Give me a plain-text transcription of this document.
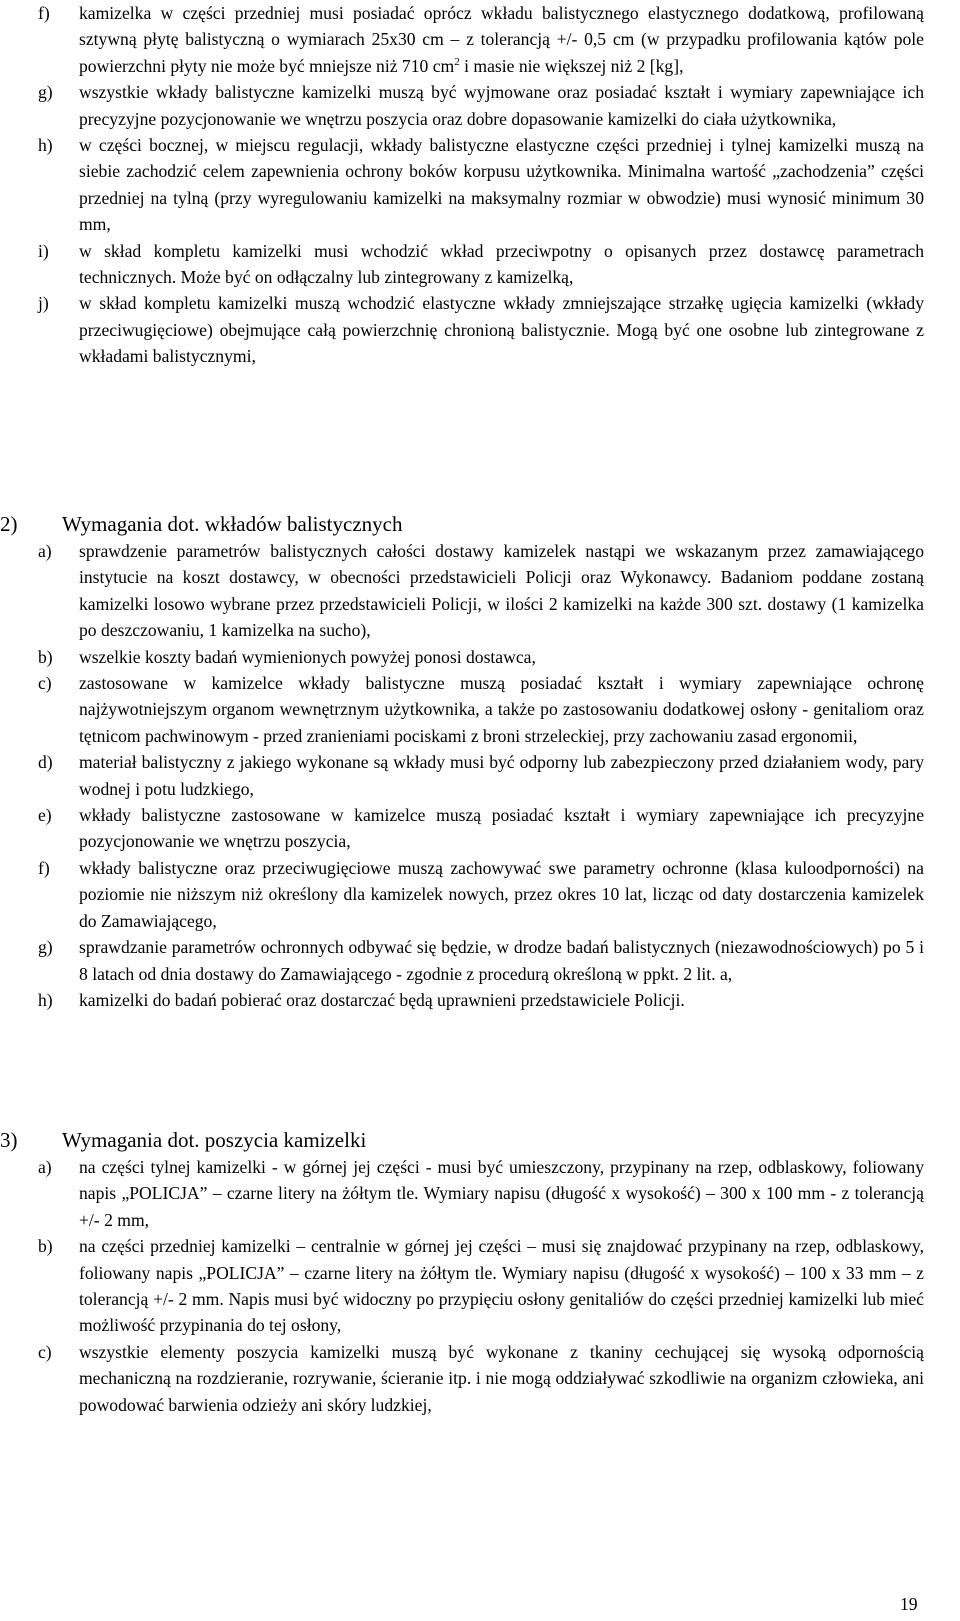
f) kamizelka w części przedniej musi posiadać oprócz wkładu balistycznego elastycznego dodatkową, profilowaną sztywną płytę balistyczną o wymiarach 25x30 cm – z tolerancją +/- 0,5 cm (w przypadku profilowania kątów pole powierzchni płyty nie może być mniejsze niż 710 $cm^2$ i masie nie większej niż 2 [kg],
g) wszystkie wkłady balistyczne kamizelki muszą być wyjmowane oraz posiadać kształt i wymiary zapewniające ich precyzyjne pozycjonowanie we wnętrzu poszycia oraz dobre dopasowanie kamizelki do ciała użytkownika,
h) w części bocznej, w miejscu regulacji, wkłady balistyczne elastyczne części przedniej i tylnej kamizelki muszą na siebie zachodzić celem zapewnienia ochrony boków korpusu użytkownika. Minimalna wartość „zachodzenia” części przedniej na tylną (przy wyregulowaniu kamizelki na maksymalny rozmiar w obwodzie) musi wynosić minimum 30 mm,
i) w skład kompletu kamizelki musi wchodzić wkład przeciwpotny o opisanych przez dostawcę parametrach technicznych. Może być on odłączalny lub zintegrowany z kamizelką,
j) w skład kompletu kamizelki muszą wchodzić elastyczne wkłady zmniejszające strzałkę ugięcia kamizelki (wkłady przeciwugięciowe) obejmujące całą powierzchnię chronioną balistycznie. Mogą być one osobne lub zintegrowane z wkładami balistycznymi,
2) Wymagania dot. wkładów balistycznych
a) sprawdzenie parametrów balistycznych całości dostawy kamizelek nastąpi we wskazanym przez zamawiającego instytucie na koszt dostawcy, w obecności przedstawicieli Policji oraz Wykonawcy. Badaniom poddane zostaną kamizelki losowo wybrane przez przedstawicieli Policji, w ilości 2 kamizelki na każde 300 szt. dostawy (1 kamizelka po deszczowaniu, 1 kamizelka na sucho),
b) wszelkie koszty badań wymienionych powyżej ponosi dostawca,
c) zastosowane w kamizelce wkłady balistyczne muszą posiadać kształt i wymiary zapewniające ochronę najżywotniejszym organom wewnętrznym użytkownika, a także po zastosowaniu dodatkowej osłony - genitaliom oraz tętnicom pachwinowym - przed zranieniami pociskami z broni strzeleckiej, przy zachowaniu zasad ergonomii,
d) materiał balistyczny z jakiego wykonane są wkłady musi być odporny lub zabezpieczony przed działaniem wody, pary wodnej i potu ludzkiego,
e) wkłady balistyczne zastosowane w kamizelce muszą posiadać kształt i wymiary zapewniające ich precyzyjne pozycjonowanie we wnętrzu poszycia,
f) wkłady balistyczne oraz przeciwugięciowe muszą zachowywać swe parametry ochronne (klasa kuloodporności) na poziomie nie niższym niż określony dla kamizelek nowych, przez okres 10 lat, licząc od daty dostarczenia kamizelek do Zamawiającego,
g) sprawdzanie parametrów ochronnych odbywać się będzie, w drodze badań balistycznych (niezawodnościowych) po 5 i 8 latach od dnia dostawy do Zamawiającego - zgodnie z procedurą określoną w ppkt. 2 lit. a,
h) kamizelki do badań pobierać oraz dostarczać będą uprawnieni przedstawiciele Policji.
3) Wymagania dot. poszycia kamizelki
a) na części tylnej kamizelki - w górnej jej części - musi być umieszczony, przypinany na rzep, odblaskowy, foliowany napis „POLICJA” – czarne litery na żółtym tle. Wymiary napisu (długość x wysokość) – 300 x 100 mm - z tolerancją +/- 2 mm,
b) na części przedniej kamizelki – centralnie w górnej jej części – musi się znajdować przypinany na rzep, odblaskowy, foliowany napis „POLICJA” – czarne litery na żółtym tle. Wymiary napisu (długość x wysokość) – 100 x 33 mm – z tolerancją +/- 2 mm. Napis musi być widoczny po przypięciu osłony genitaliów do części przedniej kamizelki lub mieć możliwość przypinania do tej osłony,
c) wszystkie elementy poszycia kamizelki muszą być wykonane z tkaniny cechującej się wysoką odpornością mechaniczną na rozdzieranie, rozrywanie, ścieranie itp. i nie mogą oddziaływać szkodliwie na organizm człowieka, ani powodować barwienia odzieży ani skóry ludzkiej,
19
